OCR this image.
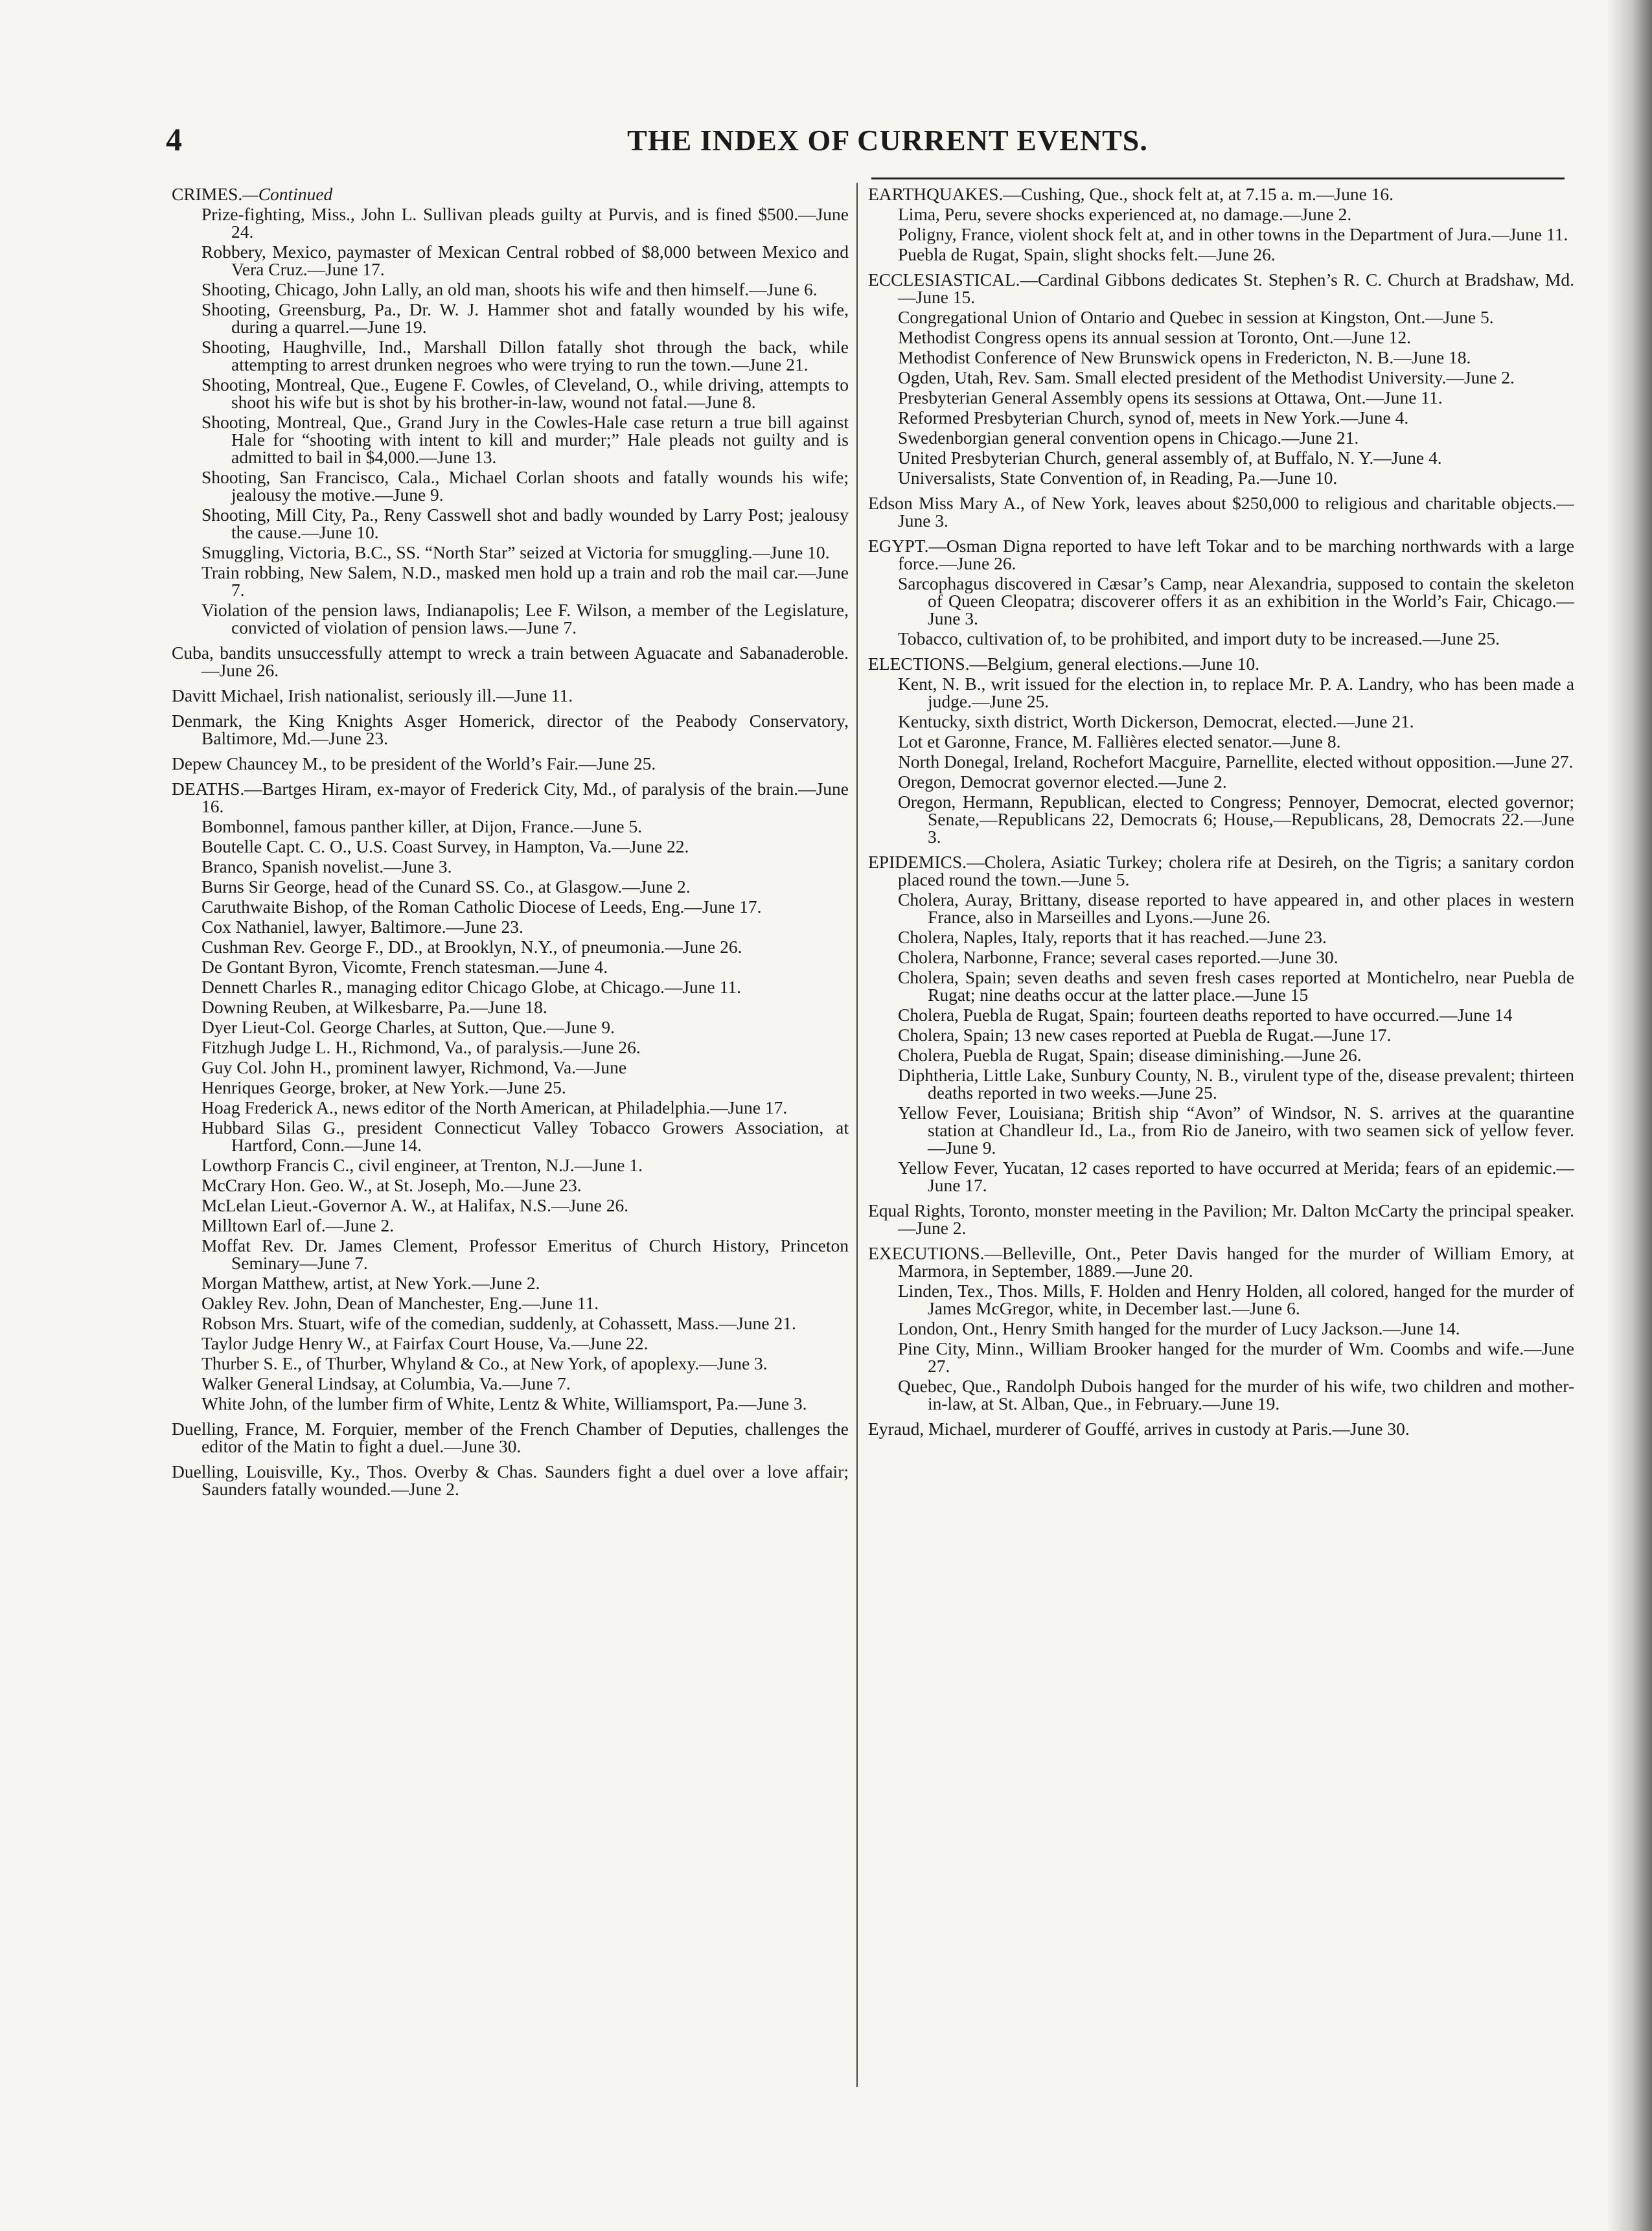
4	THE INDEX OF CURRENT EVENTS.
CRIMES.—Continued
Prize-fighting, Miss., John L. Sullivan pleads guilty at Purvis, and is fined $500.—June 24.
Robbery, Mexico, paymaster of Mexican Central robbed of $8,000 between Mexico and Vera Cruz.—June 17.
Shooting, Chicago, John Lally, an old man, shoots his wife and then himself.—June 6.
Shooting, Greensburg, Pa., Dr. W. J. Hammer shot and fatally wounded by his wife, during a quarrel.—June 19.
Shooting, Haughville, Ind., Marshall Dillon fatally shot through the back, while attempting to arrest drunken negroes who were trying to run the town.—June 21.
Shooting, Montreal, Que., Eugene F. Cowles, of Cleveland, O., while driving, attempts to shoot his wife but is shot by his brother-in-law, wound not fatal.—June 8.
Shooting, Montreal, Que., Grand Jury in the Cowles-Hale case return a true bill against Hale for “shooting with intent to kill and murder;” Hale pleads not guilty and is admitted to bail in $4,000.—June 13.
Shooting, San Francisco, Cala., Michael Corlan shoots and fatally wounds his wife; jealousy the motive.—June 9.
Shooting, Mill City, Pa., Reny Casswell shot and badly wounded by Larry Post; jealousy the cause.—June 10.
Smuggling, Victoria, B.C., SS. “North Star” seized at Victoria for smuggling.—June 10.
Train robbing, New Salem, N.D., masked men hold up a train and rob the mail car.—June 7.
Violation of the pension laws, Indianapolis; Lee F. Wilson, a member of the Legislature, convicted of violation of pension laws.—June 7.
Cuba, bandits unsuccessfully attempt to wreck a train between Aguacate and Sabanaderoble.—June 26.
Davitt Michael, Irish nationalist, seriously ill.—June 11.
Denmark, the King Knights Asger Homerick, director of the Peabody Conservatory, Baltimore, Md.—June 23.
Depew Chauncey M., to be president of the World’s Fair.—June 25.
DEATHS.—Bartges Hiram, ex-mayor of Frederick City, Md., of paralysis of the brain.—June 16.
Bombonnel, famous panther killer, at Dijon, France.—June 5.
Boutelle Capt. C. O., U.S. Coast Survey, in Hampton, Va.—June 22.
Branco, Spanish novelist.—June 3.
Burns Sir George, head of the Cunard SS. Co., at Glasgow.—June 2.
Caruthwaite Bishop, of the Roman Catholic Diocese of Leeds, Eng.—June 17.
Cox Nathaniel, lawyer, Baltimore.—June 23.
Cushman Rev. George F., DD., at Brooklyn, N.Y., of pneumonia.—June 26.
De Gontant Byron, Vicomte, French statesman.—June 4.
Dennett Charles R., managing editor Chicago Globe, at Chicago.—June 11.
Downing Reuben, at Wilkesbarre, Pa.—June 18.
Dyer Lieut-Col. George Charles, at Sutton, Que.—June 9.
Fitzhugh Judge L. H., Richmond, Va., of paralysis.—June 26.
Guy Col. John H., prominent lawyer, Richmond, Va.—June
Henriques George, broker, at New York.—June 25.
Hoag Frederick A., news editor of the North American, at Philadelphia.—June 17.
Hubbard Silas G., president Connecticut Valley Tobacco Growers Association, at Hartford, Conn.—June 14.
Lowthorp Francis C., civil engineer, at Trenton, N.J.—June 1.
McCrary Hon. Geo. W., at St. Joseph, Mo.—June 23.
McLelan Lieut.-Governor A. W., at Halifax, N.S.—June 26.
Milltown Earl of.—June 2.
Moffat Rev. Dr. James Clement, Professor Emeritus of Church History, Princeton Seminary—June 7.
Morgan Matthew, artist, at New York.—June 2.
Oakley Rev. John, Dean of Manchester, Eng.—June 11.
Robson Mrs. Stuart, wife of the comedian, suddenly, at Cohassett, Mass.—June 21.
Taylor Judge Henry W., at Fairfax Court House, Va.—June 22.
Thurber S. E., of Thurber, Whyland & Co., at New York, of apoplexy.—June 3.
Walker General Lindsay, at Columbia, Va.—June 7.
White John, of the lumber firm of White, Lentz & White, Williamsport, Pa.—June 3.
Duelling, France, M. Forquier, member of the French Chamber of Deputies, challenges the editor of the Matin to fight a duel.—June 30.
Duelling, Louisville, Ky., Thos. Overby & Chas. Saunders fight a duel over a love affair; Saunders fatally wounded.—June 2.
EARTHQUAKES.—Cushing, Que., shock felt at, at 7.15 a. m.—June 16.
Lima, Peru, severe shocks experienced at, no damage.—June 2.
Poligny, France, violent shock felt at, and in other towns in the Department of Jura.—June 11.
Puebla de Rugat, Spain, slight shocks felt.—June 26.
ECCLESIASTICAL.—Cardinal Gibbons dedicates St. Stephen’s R. C. Church at Bradshaw, Md.—June 15.
Congregational Union of Ontario and Quebec in session at Kingston, Ont.—June 5.
Methodist Congress opens its annual session at Toronto, Ont.—June 12.
Methodist Conference of New Brunswick opens in Fredericton, N. B.—June 18.
Ogden, Utah, Rev. Sam. Small elected president of the Methodist University.—June 2.
Presbyterian General Assembly opens its sessions at Ottawa, Ont.—June 11.
Reformed Presbyterian Church, synod of, meets in New York.—June 4.
Swedenborgian general convention opens in Chicago.—June 21.
United Presbyterian Church, general assembly of, at Buffalo, N. Y.—June 4.
Universalists, State Convention of, in Reading, Pa.—June 10.
Edson Miss Mary A., of New York, leaves about $250,000 to religious and charitable objects.—June 3.
EGYPT.—Osman Digna reported to have left Tokar and to be marching northwards with a large force.—June 26.
Sarcophagus discovered in Cæsar’s Camp, near Alexandria, supposed to contain the skeleton of Queen Cleopatra; discoverer offers it as an exhibition in the World’s Fair, Chicago.—June 3.
Tobacco, cultivation of, to be prohibited, and import duty to be increased.—June 25.
ELECTIONS.—Belgium, general elections.—June 10.
Kent, N. B., writ issued for the election in, to replace Mr. P. A. Landry, who has been made a judge.—June 25.
Kentucky, sixth district, Worth Dickerson, Democrat, elected.—June 21.
Lot et Garonne, France, M. Fallières elected senator.—June 8.
North Donegal, Ireland, Rochefort Macguire, Parnellite, elected without opposition.—June 27.
Oregon, Democrat governor elected.—June 2.
Oregon, Hermann, Republican, elected to Congress; Pennoyer, Democrat, elected governor; Senate,—Republicans 22, Democrats 6; House,—Republicans, 28, Democrats 22.—June 3.
EPIDEMICS.—Cholera, Asiatic Turkey; cholera rife at Desireh, on the Tigris; a sanitary cordon placed round the town.—June 5.
Cholera, Auray, Brittany, disease reported to have appeared in, and other places in western France, also in Marseilles and Lyons.—June 26.
Cholera, Naples, Italy, reports that it has reached.—June 23.
Cholera, Narbonne, France; several cases reported.—June 30.
Cholera, Spain; seven deaths and seven fresh cases reported at Montichelro, near Puebla de Rugat; nine deaths occur at the latter place.—June 15
Cholera, Puebla de Rugat, Spain; fourteen deaths reported to have occurred.—June 14
Cholera, Spain; 13 new cases reported at Puebla de Rugat.—June 17.
Cholera, Puebla de Rugat, Spain; disease diminishing.—June 26.
Diphtheria, Little Lake, Sunbury County, N. B., virulent type of the, disease prevalent; thirteen deaths reported in two weeks.—June 25.
Yellow Fever, Louisiana; British ship “Avon” of Windsor, N. S. arrives at the quarantine station at Chandleur Id., La., from Rio de Janeiro, with two seamen sick of yellow fever.—June 9.
Yellow Fever, Yucatan, 12 cases reported to have occurred at Merida; fears of an epidemic.—June 17.
Equal Rights, Toronto, monster meeting in the Pavilion; Mr. Dalton McCarty the principal speaker.—June 2.
EXECUTIONS.—Belleville, Ont., Peter Davis hanged for the murder of William Emory, at Marmora, in September, 1889.—June 20.
Linden, Tex., Thos. Mills, F. Holden and Henry Holden, all colored, hanged for the murder of James McGregor, white, in December last.—June 6.
London, Ont., Henry Smith hanged for the murder of Lucy Jackson.—June 14.
Pine City, Minn., William Brooker hanged for the murder of Wm. Coombs and wife.—June 27.
Quebec, Que., Randolph Dubois hanged for the murder of his wife, two children and mother-in-law, at St. Alban, Que., in February.—June 19.
Eyraud, Michael, murderer of Gouffé, arrives in custody at Paris.—June 30.
